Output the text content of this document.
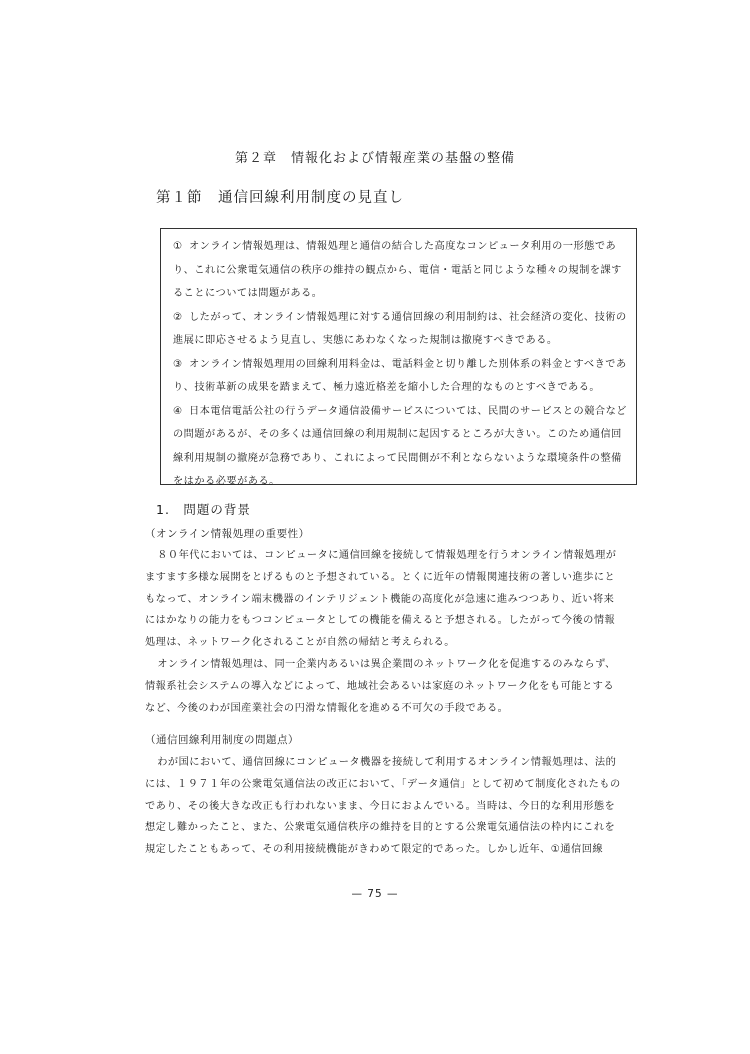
第２章　情報化および情報産業の基盤の整備
第１節　通信回線利用制度の見直し
① オンライン情報処理は、情報処理と通信の結合した高度なコンピュータ利用の一形態であり、これに公衆電気通信の秩序の維持の観点から、電信・電話と同じような種々の規制を課することについては問題がある。
② したがって、オンライン情報処理に対する通信回線の利用制約は、社会経済の変化、技術の進展に即応させるよう見直し、実態にあわなくなった規制は撤廃すべきである。
③ オンライン情報処理用の回線利用料金は、電話料金と切り離した別体系の料金とすべきであり、技術革新の成果を踏まえて、極力遠近格差を縮小した合理的なものとすべきである。
④ 日本電信電話公社の行うデータ通信設備サービスについては、民間のサービスとの競合などの問題があるが、その多くは通信回線の利用規制に起因するところが大きい。このため通信回線利用規制の撤廃が急務であり、これによって民間側が不利とならないような環境条件の整備をはかる必要がある。
1.　問題の背景
（オンライン情報処理の重要性）

８０年代においては、コンピュータに通信回線を接続して情報処理を行うオンライン情報処理がますます多様な展開をとげるものと予想されている。とくに近年の情報関連技術の著しい進歩にともなって、オンライン端末機器のインテリジェント機能の高度化が急速に進みつつあり、近い将来にはかなりの能力をもつコンピュータとしての機能を備えると予想される。したがって今後の情報処理は、ネットワーク化されることが自然の帰結と考えられる。

オンライン情報処理は、同一企業内あるいは異企業間のネットワーク化を促進するのみならず、情報系社会システムの導入などによって、地域社会あるいは家庭のネットワーク化をも可能とするなど、今後のわが国産業社会の円滑な情報化を進める不可欠の手段である。

（通信回線利用制度の問題点）

わが国において、通信回線にコンピュータ機器を接続して利用するオンライン情報処理は、法的には、１９７１年の公衆電気通信法の改正において、「データ通信」として初めて制度化されたものであり、その後大きな改正も行われないまま、今日におよんでいる。当時は、今日的な利用形態を想定し難かったこと、また、公衆電気通信秩序の維持を目的とする公衆電気通信法の枠内にこれを規定したこともあって、その利用接続機能がきわめて限定的であった。しかし近年、①通信回線

— 75 —
